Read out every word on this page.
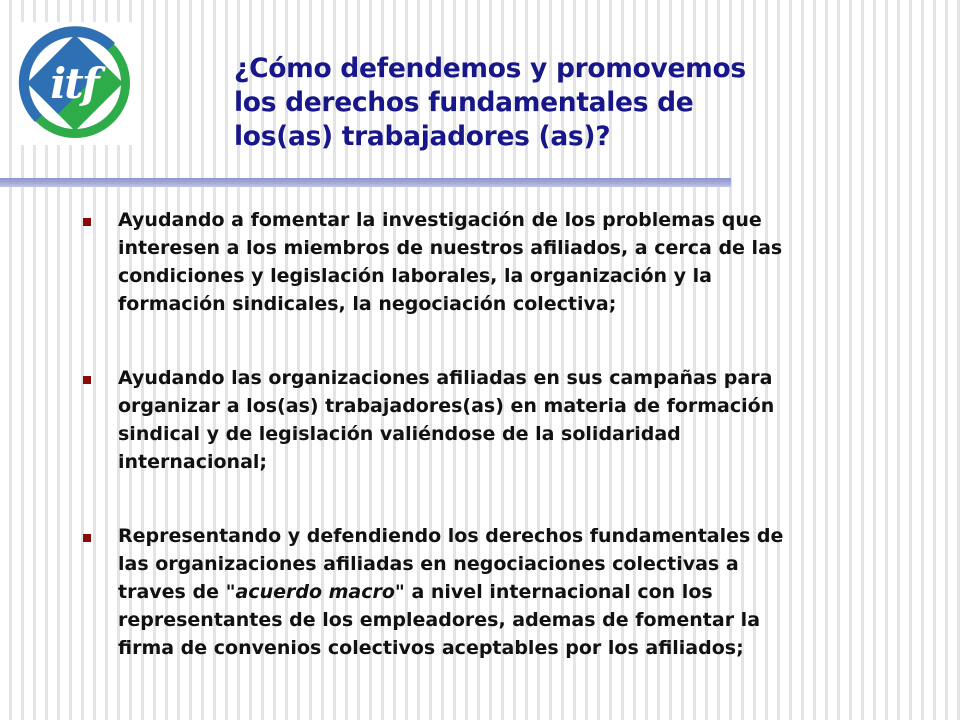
itf	¿Cómo defendemos y promovemos
los derechos fundamentales de
los(as) trabajadores (as)?
Ayudando a fomentar la investigación de los problemas que
interesen a los miembros de nuestros afiliados, a cerca de las
condiciones y legislación laborales, la organización y la
formación sindicales, la negociación colectiva;
Ayudando las organizaciones afiliadas en sus campañas para
organizar a los(as) trabajadores(as) en materia de formación
sindical y de legislación valiéndose de la solidaridad
internacional;
Representando y defendiendo los derechos fundamentales de
las organizaciones afiliadas en negociaciones colectivas a
traves de "acuerdo macro" a nivel internacional con los
representantes de los empleadores, ademas de fomentar la
firma de convenios colectivos aceptables por los afiliados;
